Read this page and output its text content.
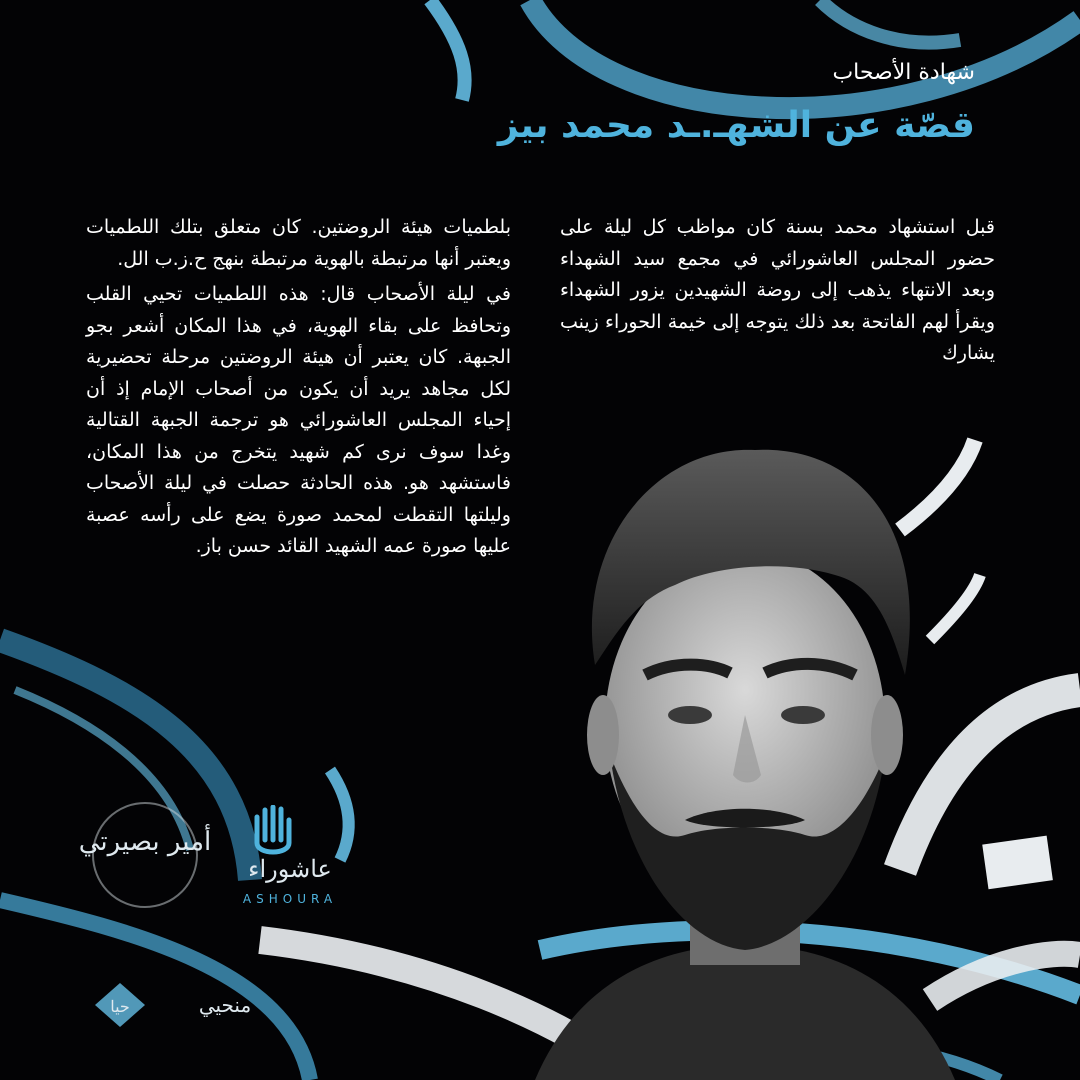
شهادة الأصحاب
قصّة عن الشهـ.ـد محمد بيز

قبل استشهاد محمد بسنة كان مواظب كل ليلة على حضور المجلس العاشورائي في مجمع سيد الشهداء وبعد الانتهاء يذهب إلى روضة الشهيدين يزور الشهداء ويقرأ لهم الفاتحة بعد ذلك يتوجه إلى خيمة الحوراء زينب يشارك

بلطميات هيئة الروضتين. كان متعلق بتلك اللطميات ويعتبر أنها مرتبطة بالهوية مرتبطة بنهج ح.ز.ب الل.

في ليلة الأصحاب قال: هذه اللطميات تحيي القلب وتحافظ على بقاء الهوية، في هذا المكان أشعر بجو الجبهة. كان يعتبر أن هيئة الروضتين مرحلة تحضيرية لكل مجاهد يريد أن يكون من أصحاب الإمام إذ أن إحياء المجلس العاشورائي هو ترجمة الجبهة القتالية وغدا سوف نرى كم شهيد يتخرج من هذا المكان، فاستشهد هو. هذه الحادثة حصلت في ليلة الأصحاب وليلتها التقطت لمحمد صورة يضع على رأسه عصبة عليها صورة عمه الشهيد القائد حسن باز.

أمير بصيرتي
عاشوراء
ASHOURA
حيا	منحيي
